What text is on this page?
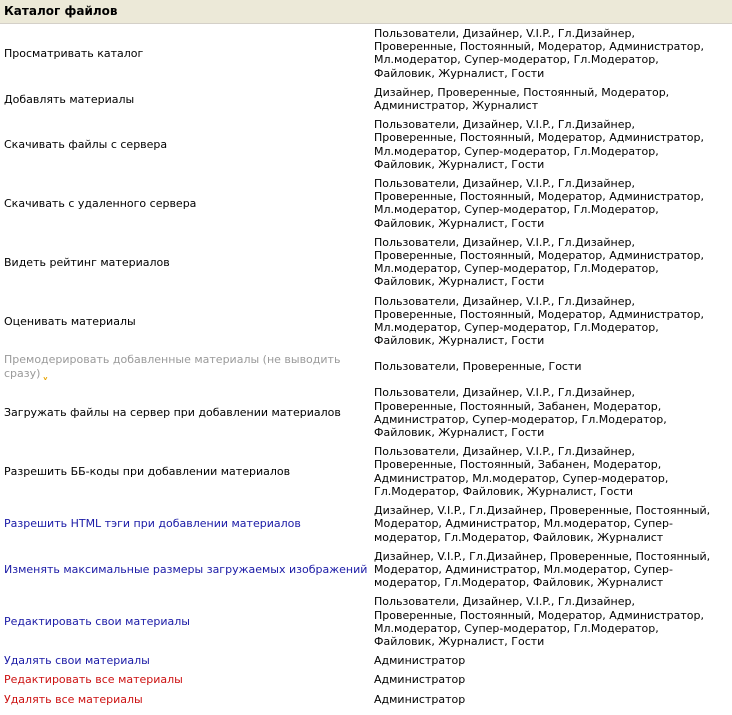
Каталог файлов
Просматривать каталог	Пользователи, Дизайнер, V.I.P., Гл.Дизайнер, Проверенные, Постоянный, Модератор, Администратор, Мл.модератор, Супер-модератор, Гл.Модератор, Файловик, Журналист, Гости
Добавлять материалы	Дизайнер, Проверенные, Постоянный, Модератор, Администратор, Журналист
Скачивать файлы с сервера	Пользователи, Дизайнер, V.I.P., Гл.Дизайнер, Проверенные, Постоянный, Модератор, Администратор, Мл.модератор, Супер-модератор, Гл.Модератор, Файловик, Журналист, Гости
Скачивать с удаленного сервера	Пользователи, Дизайнер, V.I.P., Гл.Дизайнер, Проверенные, Постоянный, Модератор, Администратор, Мл.модератор, Супер-модератор, Гл.Модератор, Файловик, Журналист, Гости
Видеть рейтинг материалов	Пользователи, Дизайнер, V.I.P., Гл.Дизайнер, Проверенные, Постоянный, Модератор, Администратор, Мл.модератор, Супер-модератор, Гл.Модератор, Файловик, Журналист, Гости
Оценивать материалы	Пользователи, Дизайнер, V.I.P., Гл.Дизайнер, Проверенные, Постоянный, Модератор, Администратор, Мл.модератор, Супер-модератор, Гл.Модератор, Файловик, Журналист, Гости
Премодерировать добавленные материалы (не выводить сразу) ˬ	Пользователи, Проверенные, Гости
Загружать файлы на сервер при добавлении материалов	Пользователи, Дизайнер, V.I.P., Гл.Дизайнер, Проверенные, Постоянный, Забанен, Модератор, Администратор, Супер-модератор, Гл.Модератор, Файловик, Журналист, Гости
Разрешить ББ-коды при добавлении материалов	Пользователи, Дизайнер, V.I.P., Гл.Дизайнер, Проверенные, Постоянный, Забанен, Модератор, Администратор, Мл.модератор, Супер-модератор, Гл.Модератор, Файловик, Журналист, Гости
Разрешить HTML тэги при добавлении материалов	Дизайнер, V.I.P., Гл.Дизайнер, Проверенные, Постоянный, Модератор, Администратор, Мл.модератор, Супер-модератор, Гл.Модератор, Файловик, Журналист
Изменять максимальные размеры загружаемых изображений	Дизайнер, V.I.P., Гл.Дизайнер, Проверенные, Постоянный, Модератор, Администратор, Мл.модератор, Супер-модератор, Гл.Модератор, Файловик, Журналист
Редактировать свои материалы	Пользователи, Дизайнер, V.I.P., Гл.Дизайнер, Проверенные, Постоянный, Модератор, Администратор, Мл.модератор, Супер-модератор, Гл.Модератор, Файловик, Журналист, Гости
Удалять свои материалы	Администратор
Редактировать все материалы	Администратор
Удалять все материалы	Администратор
